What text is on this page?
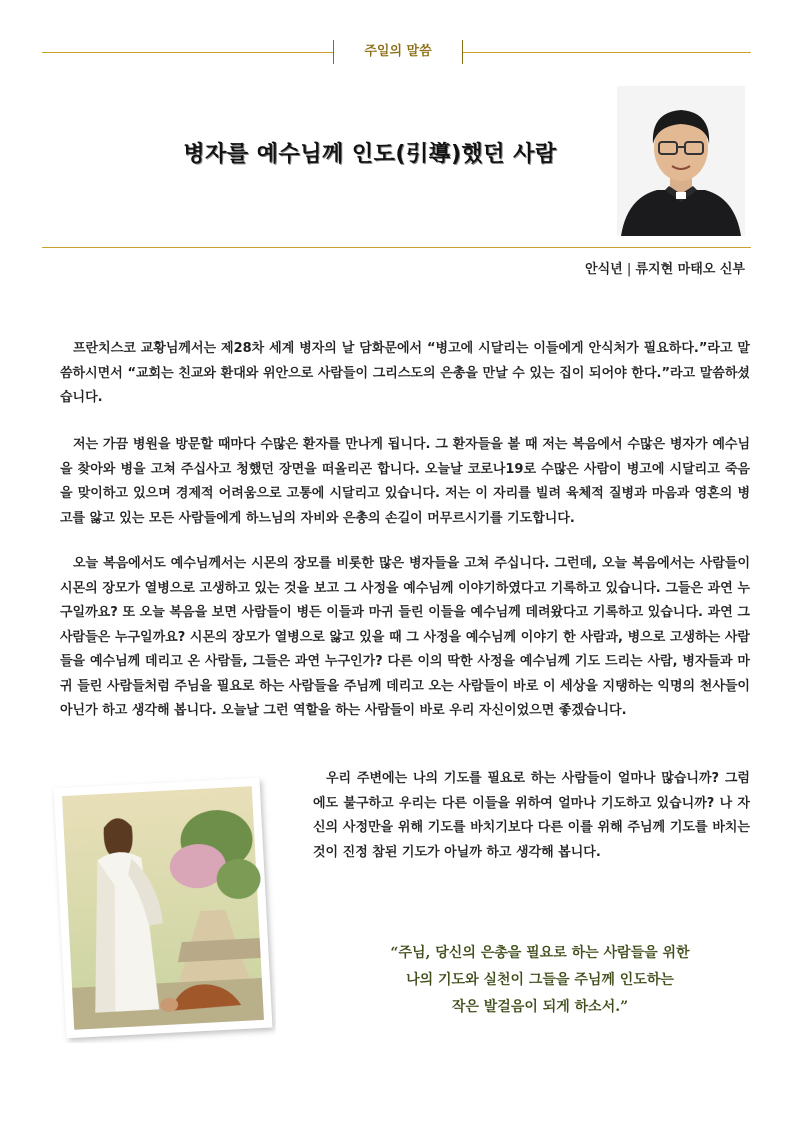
주일의 말씀
병자를 예수님께 인도(引導)했던 사람
안식년 | 류지현 마태오 신부

프란치스코 교황님께서는 제28차 세계 병자의 날 담화문에서 “병고에 시달리는 이들에게 안식처가 필요하다.”라고 말씀하시면서 “교회는 친교와 환대와 위안으로 사람들이 그리스도의 은총을 만날 수 있는 집이 되어야 한다.”라고 말씀하셨습니다.

저는 가끔 병원을 방문할 때마다 수많은 환자를 만나게 됩니다. 그 환자들을 볼 때 저는 복음에서 수많은 병자가 예수님을 찾아와 병을 고쳐 주십사고 청했던 장면을 떠올리곤 합니다. 오늘날 코로나19로 수많은 사람이 병고에 시달리고 죽음을 맞이하고 있으며 경제적 어려움으로 고통에 시달리고 있습니다. 저는 이 자리를 빌려 육체적 질병과 마음과 영혼의 병고를 앓고 있는 모든 사람들에게 하느님의 자비와 은총의 손길이 머무르시기를 기도합니다.

오늘 복음에서도 예수님께서는 시몬의 장모를 비롯한 많은 병자들을 고쳐 주십니다. 그런데, 오늘 복음에서는 사람들이 시몬의 장모가 열병으로 고생하고 있는 것을 보고 그 사정을 예수님께 이야기하였다고 기록하고 있습니다. 그들은 과연 누구일까요? 또 오늘 복음을 보면 사람들이 병든 이들과 마귀 들린 이들을 예수님께 데려왔다고 기록하고 있습니다. 과연 그 사람들은 누구일까요? 시몬의 장모가 열병으로 앓고 있을 때 그 사정을 예수님께 이야기 한 사람과, 병으로 고생하는 사람들을 예수님께 데리고 온 사람들, 그들은 과연 누구인가? 다른 이의 딱한 사정을 예수님께 기도 드리는 사람, 병자들과 마귀 들린 사람들처럼 주님을 필요로 하는 사람들을 주님께 데리고 오는 사람들이 바로 이 세상을 지탱하는 익명의 천사들이 아닌가 하고 생각해 봅니다. 오늘날 그런 역할을 하는 사람들이 바로 우리 자신이었으면 좋겠습니다.

우리 주변에는 나의 기도를 필요로 하는 사람들이 얼마나 많습니까? 그럼에도 불구하고 우리는 다른 이들을 위하여 얼마나 기도하고 있습니까? 나 자신의 사정만을 위해 기도를 바치기보다 다른 이를 위해 주님께 기도를 바치는 것이 진정 참된 기도가 아닐까 하고 생각해 봅니다.

“주님, 당신의 은총을 필요로 하는 사람들을 위한
나의 기도와 실천이 그들을 주님께 인도하는
작은 발걸음이 되게 하소서.”
